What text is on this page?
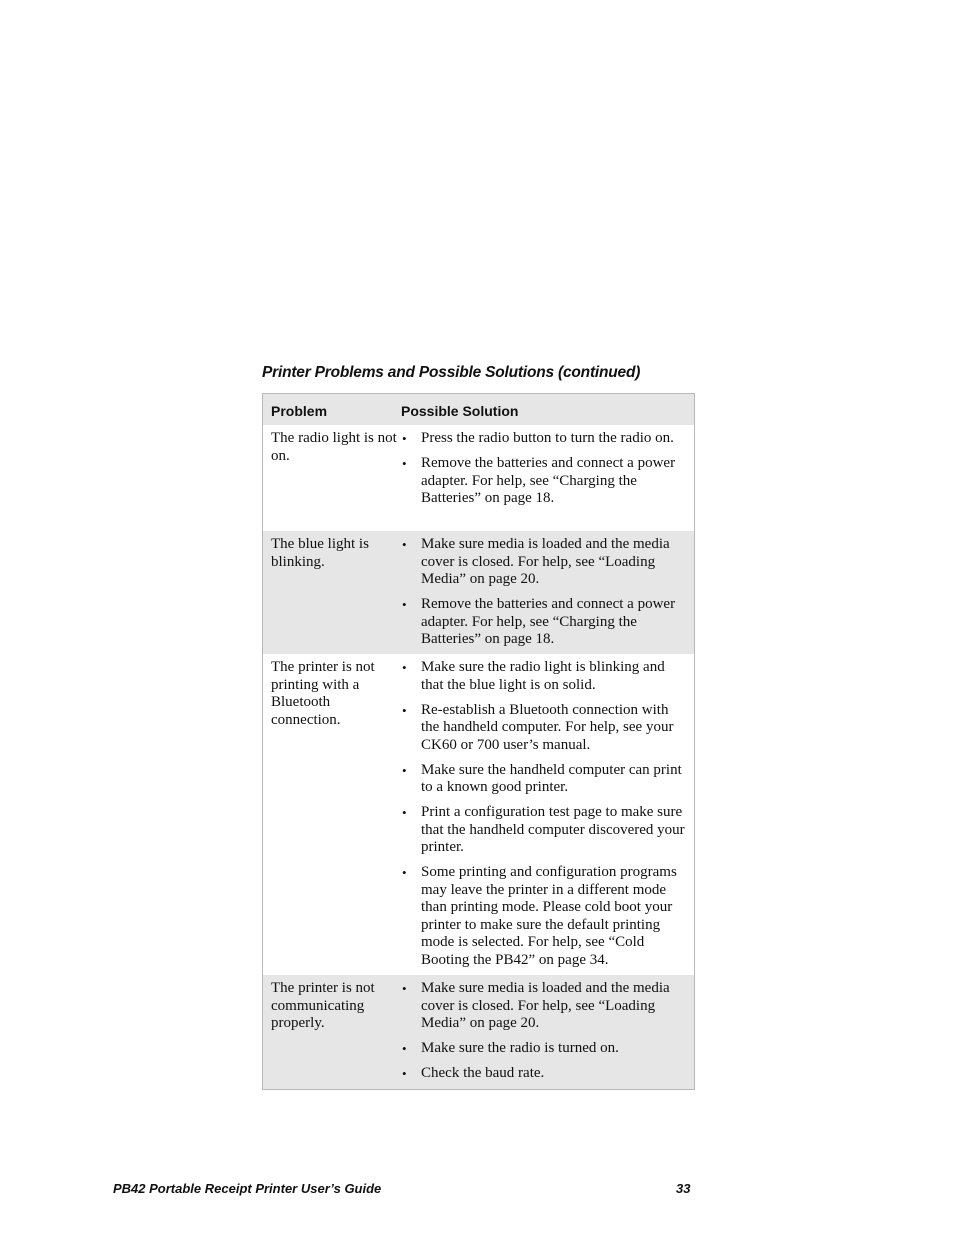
Printer Problems and Possible Solutions (continued)
Problem	Possible Solution
The radio light is not on.
• Press the radio button to turn the radio on.
• Remove the batteries and connect a power adapter. For help, see “Charging the Batteries” on page 18.
The blue light is blinking.
• Make sure media is loaded and the media cover is closed. For help, see “Loading Media” on page 20.
• Remove the batteries and connect a power adapter. For help, see “Charging the Batteries” on page 18.
The printer is not printing with a Bluetooth connection.
• Make sure the radio light is blinking and that the blue light is on solid.
• Re-establish a Bluetooth connection with the handheld computer. For help, see your CK60 or 700 user’s manual.
• Make sure the handheld computer can print to a known good printer.
• Print a configuration test page to make sure that the handheld computer discovered your printer.
• Some printing and configuration programs may leave the printer in a different mode than printing mode. Please cold boot your printer to make sure the default printing mode is selected. For help, see “Cold Booting the PB42” on page 34.
The printer is not communicating properly.
• Make sure media is loaded and the media cover is closed. For help, see “Loading Media” on page 20.
• Make sure the radio is turned on.
• Check the baud rate.
PB42 Portable Receipt Printer User’s Guide	33
